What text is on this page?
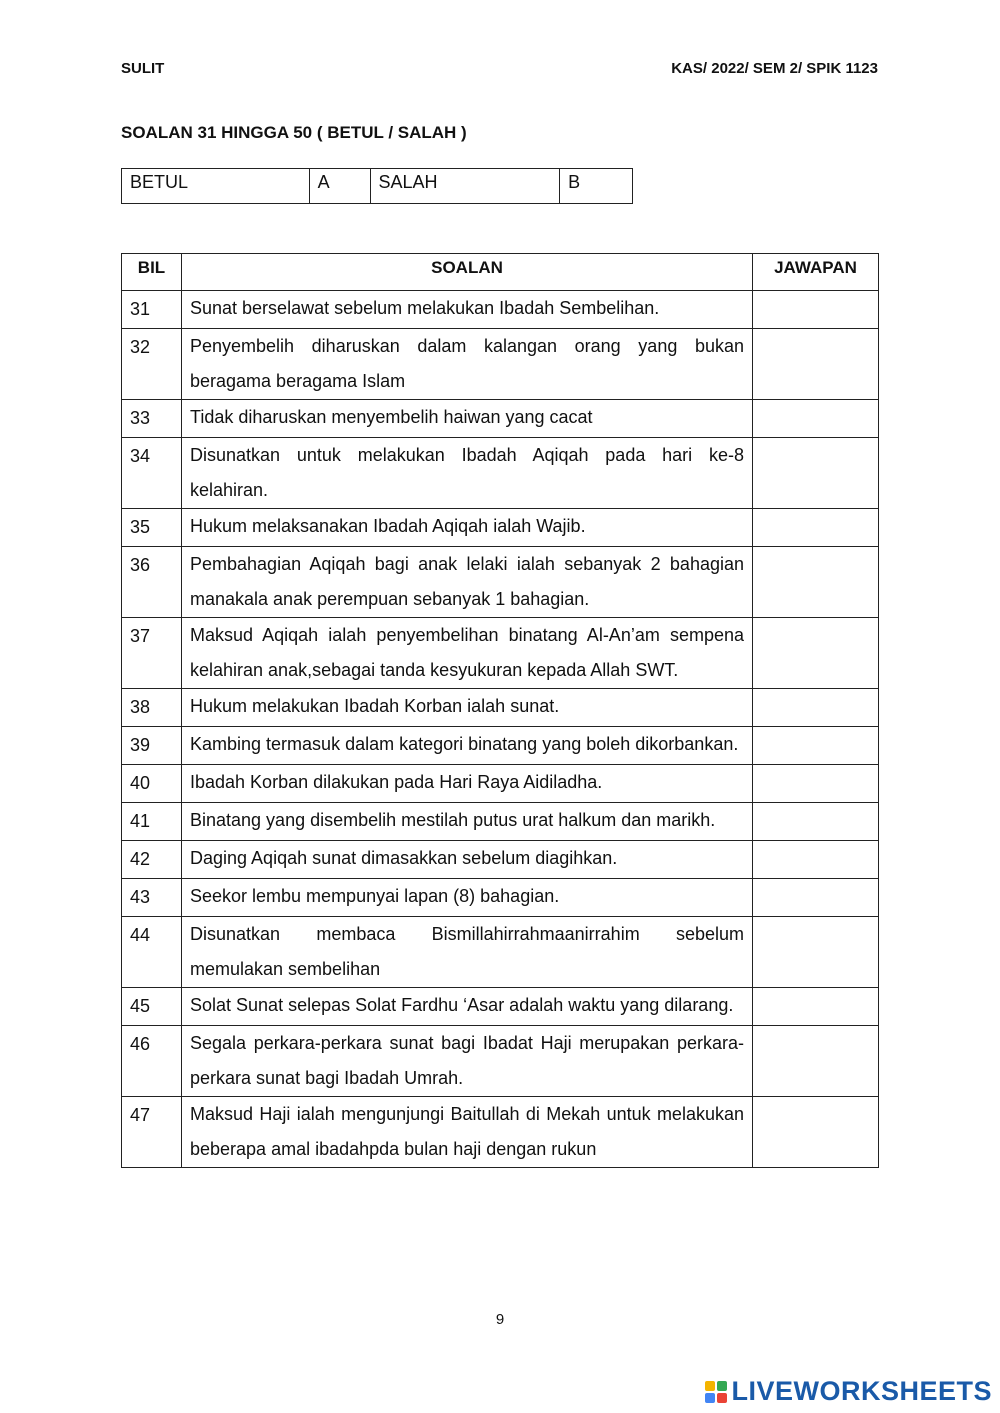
SULIT	KAS/ 2022/ SEM 2/ SPIK 1123
SOALAN 31 HINGGA 50 ( BETUL / SALAH )
BETUL	A	SALAH	B
BIL	SOALAN	JAWAPAN
31	Sunat berselawat sebelum melakukan Ibadah Sembelihan.	
32	Penyembelih diharuskan dalam kalangan orang yang bukan beragama beragama Islam	
33	Tidak diharuskan menyembelih haiwan yang cacat	
34	Disunatkan untuk melakukan Ibadah Aqiqah pada hari ke-8 kelahiran.	
35	Hukum melaksanakan Ibadah Aqiqah ialah Wajib.	
36	Pembahagian Aqiqah bagi anak lelaki ialah sebanyak 2 bahagian manakala anak perempuan sebanyak 1 bahagian.	
37	Maksud Aqiqah ialah penyembelihan binatang Al-An’am sempena kelahiran anak,sebagai tanda kesyukuran kepada Allah SWT.	
38	Hukum melakukan Ibadah Korban ialah sunat.	
39	Kambing termasuk dalam kategori binatang yang boleh dikorbankan.	
40	Ibadah Korban dilakukan pada Hari Raya Aidiladha.	
41	Binatang yang disembelih mestilah putus urat halkum dan marikh.	
42	Daging Aqiqah sunat dimasakkan sebelum diagihkan.	
43	Seekor lembu mempunyai lapan (8) bahagian.	
44	Disunatkan membaca Bismillahirrahmaanirrahim sebelum memulakan sembelihan	
45	Solat Sunat selepas Solat Fardhu ‘Asar adalah waktu yang dilarang.	
46	Segala perkara-perkara sunat bagi Ibadat Haji merupakan perkara-perkara sunat bagi Ibadah Umrah.	
47	Maksud Haji ialah mengunjungi Baitullah di Mekah untuk melakukan beberapa amal ibadahpda bulan haji dengan rukun	
9
LIVEWORKSHEETS
